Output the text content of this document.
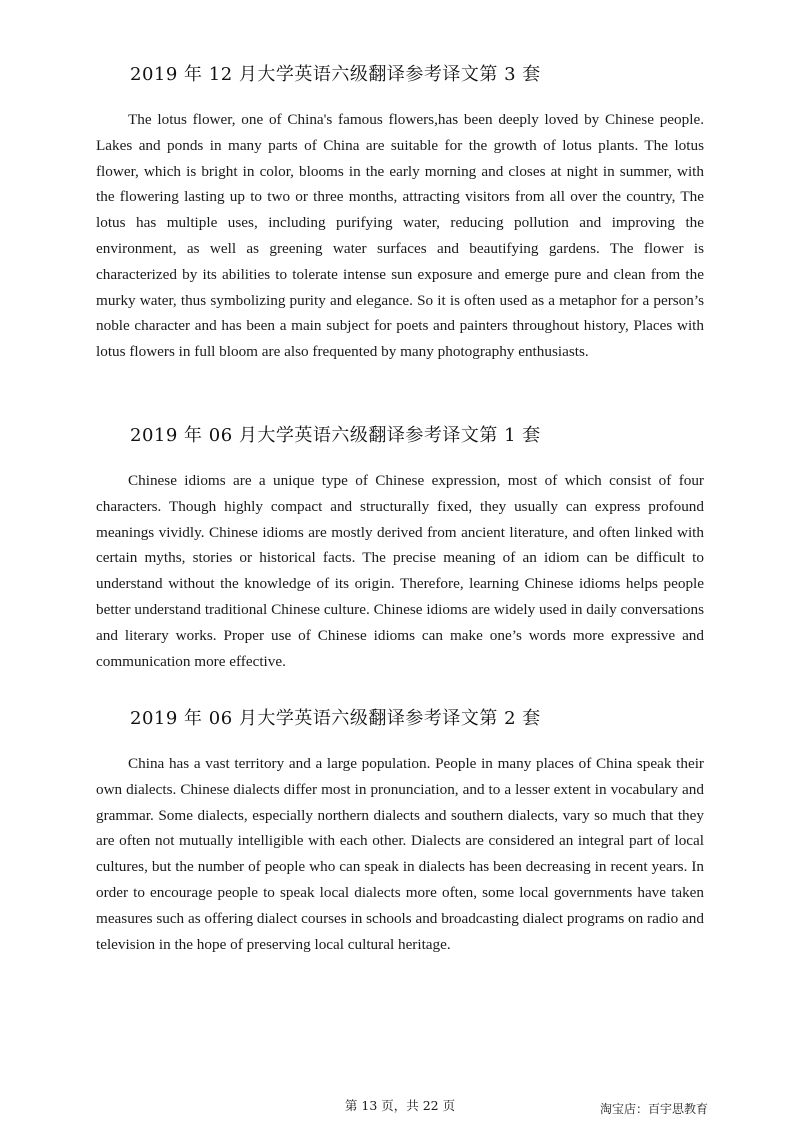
2019 年 12 月大学英语六级翻译参考译文第 3 套

The lotus flower, one of China's famous flowers,has been deeply loved by Chinese people. Lakes and ponds in many parts of China are suitable for the growth of lotus plants. The lotus flower, which is bright in color, blooms in the early morning and closes at night in summer, with the flowering lasting up to two or three months, attracting visitors from all over the country, The lotus has multiple uses, including purifying water, reducing pollution and improving the environment, as well as greening water surfaces and beautifying gardens. The flower is characterized by its abilities to tolerate intense sun exposure and emerge pure and clean from the murky water, thus symbolizing purity and elegance. So it is often used as a metaphor for a person’s noble character and has been a main subject for poets and painters throughout history, Places with lotus flowers in full bloom are also frequented by many photography enthusiasts.

2019 年 06 月大学英语六级翻译参考译文第 1 套

Chinese idioms are a unique type of Chinese expression, most of which consist of four characters. Though highly compact and structurally fixed, they usually can express profound meanings vividly. Chinese idioms are mostly derived from ancient literature, and often linked with certain myths, stories or historical facts. The precise meaning of an idiom can be difficult to understand without the knowledge of its origin. Therefore, learning Chinese idioms helps people better understand traditional Chinese culture. Chinese idioms are widely used in daily conversations and literary works. Proper use of Chinese idioms can make one’s words more expressive and communication more effective.

2019 年 06 月大学英语六级翻译参考译文第 2 套

China has a vast territory and a large population. People in many places of China speak their own dialects. Chinese dialects differ most in pronunciation, and to a lesser extent in vocabulary and grammar. Some dialects, especially northern dialects and southern dialects, vary so much that they are often not mutually intelligible with each other. Dialects are considered an integral part of local cultures, but the number of people who can speak in dialects has been decreasing in recent years. In order to encourage people to speak local dialects more often, some local governments have taken measures such as offering dialect courses in schools and broadcasting dialect programs on radio and television in the hope of preserving local cultural heritage.

第 13 页，共 22 页	淘宝店：百宇思教育
